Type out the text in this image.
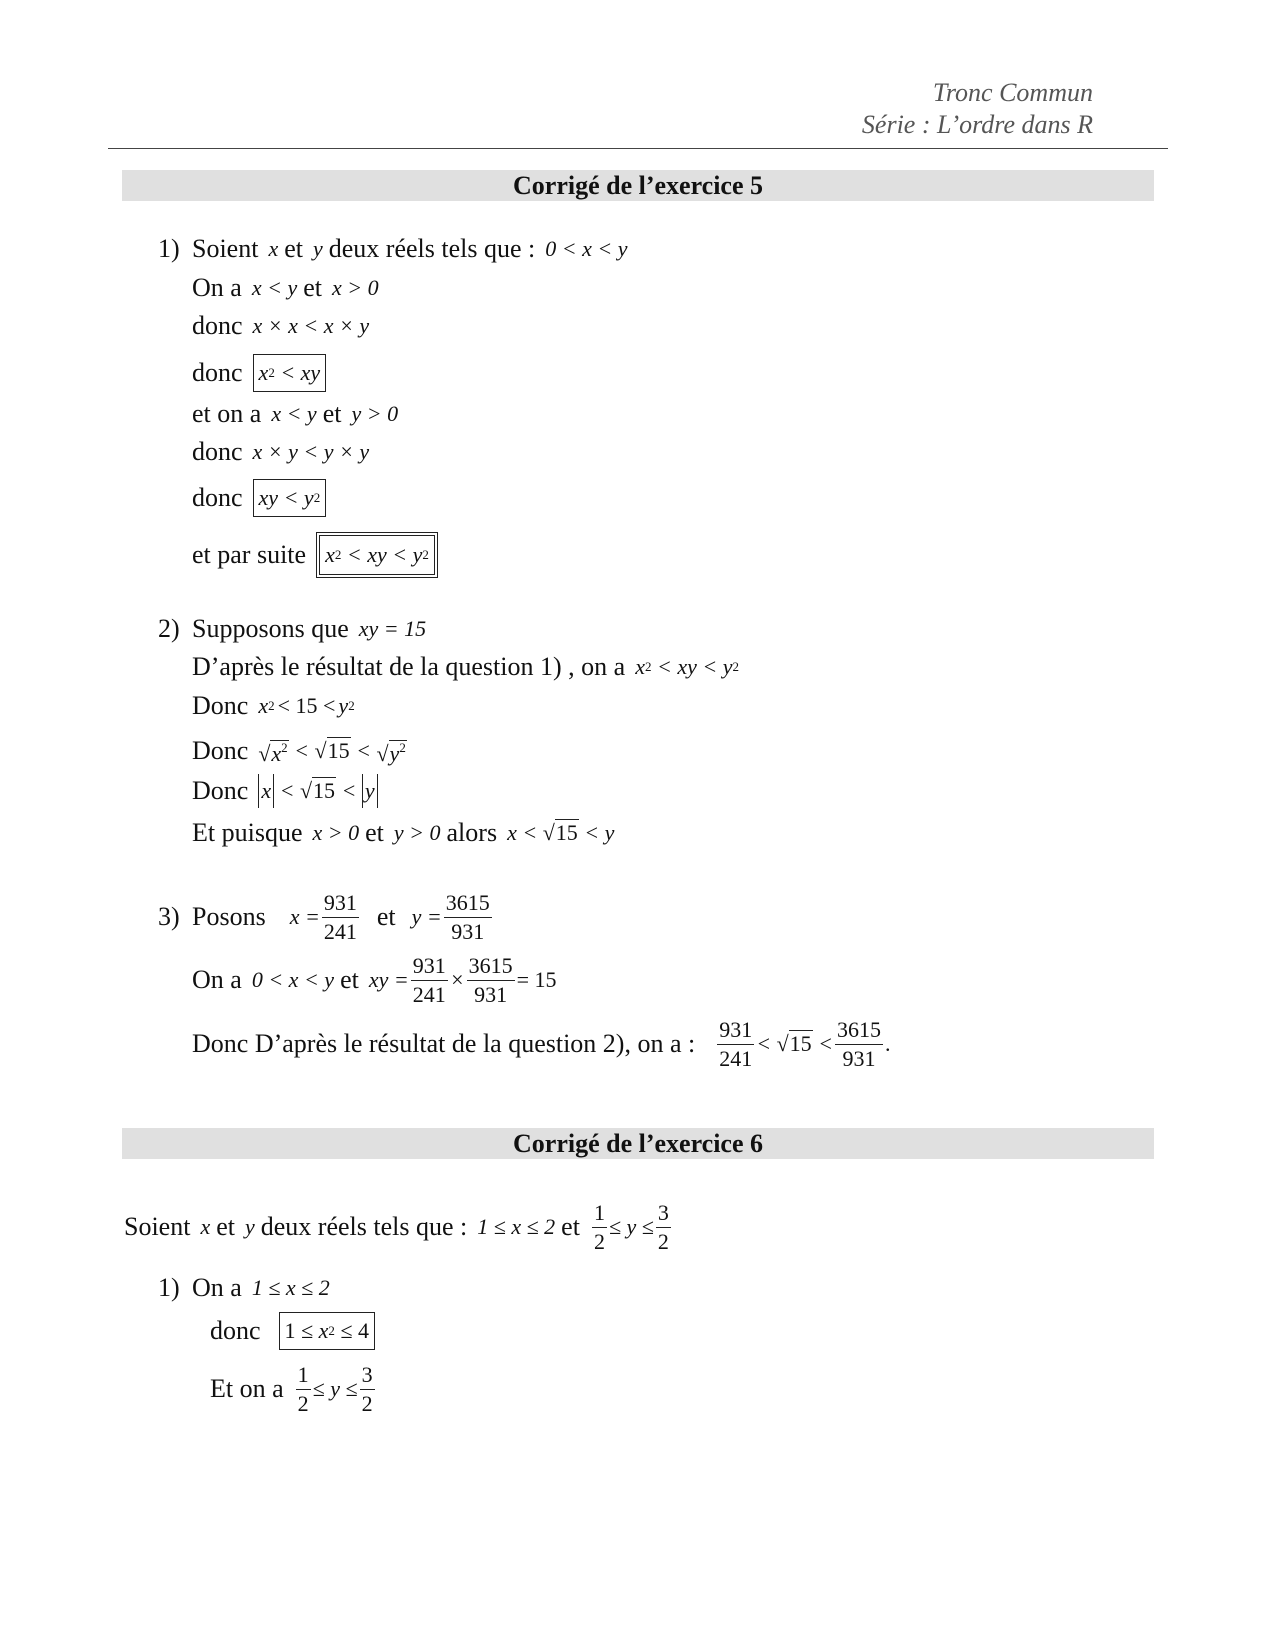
Tronc Commun
Série : L’ordre dans R
Corrigé de l’exercice 5
1) Soient x et y deux réels tels que : 0 < x < y
On a x < y et x > 0
donc x × x < x × y
donc x 2 < xy
et on a x < y et y > 0
donc x × y < y × y
donc xy < y 2
et par suite x 2 < xy < y 2
2) Supposons que xy = 15
D’après le résultat de la question 1) , on a x 2 < xy < y 2
Donc x 2 < 15 < y 2
Donc $√x^2 < √15 < √y^2$
Donc x < √15 < y
Et puisque x > 0 et y > 0 alors x < √15 < y
3) Posons $x = \frac{931}{241}$ et $y = \frac{3615}{931}$
On a 0 < x < y et xy = $\frac{931}{241} \times \frac{3615}{931} = 15$
Donc D’après le résultat de la question 2), on a : $\frac{931}{241} < √15 < \frac{3615}{931}$ .
Corrigé de l’exercice 6
Soient x et y deux réels tels que : 1 ≤ x ≤ 2 et $\frac{1}{2} \le y \le \frac{3}{2}$
1) On a 1 ≤ x ≤ 2
donc 1 ≤ x 2 ≤ 4
Et on a $\frac{1}{2} \le y \le \frac{3}{2}$
